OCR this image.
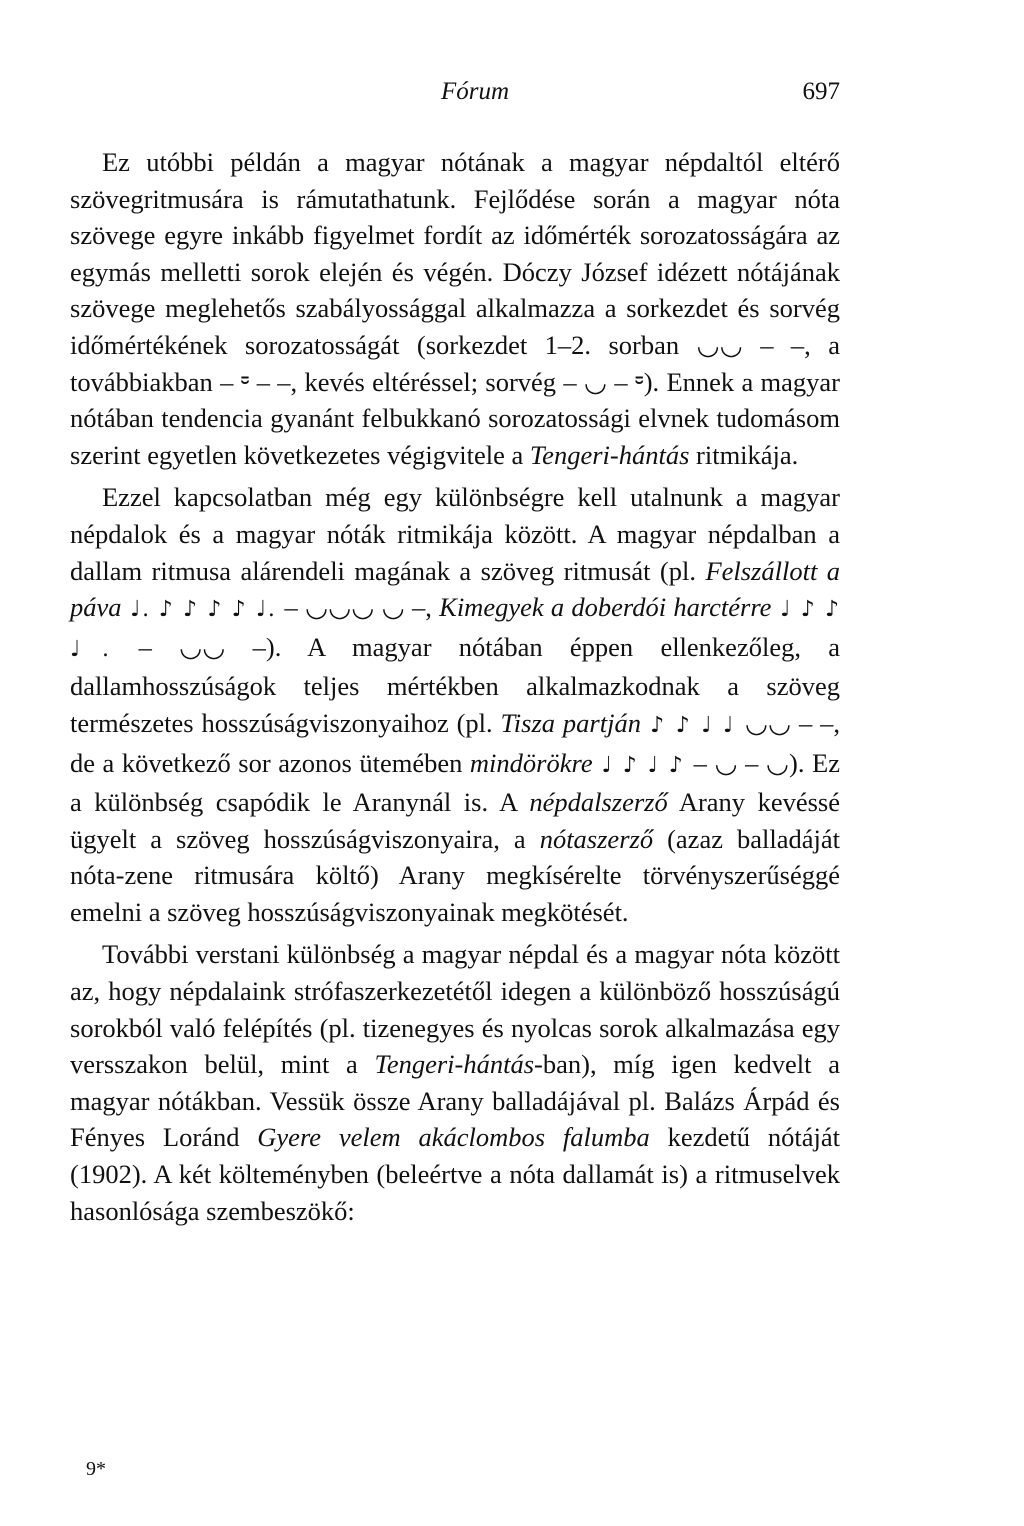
Fórum	697

Ez utóbbi példán a magyar nótának a magyar népdaltól eltérő szövegritmusára is rámutathatunk. Fejlődése során a magyar nóta szövege egyre inkább figyelmet fordít az időmérték sorozatosságára az egymás melletti sorok elején és végén. Dóczy József idézett nótájának szövege meglehetős szabályossággal alkalmazza a sorkezdet és sorvég időmértékének sorozatosságát (sorkezdet 1–2. sorban ◡◡ – –, a továbbiakban – ⏒ – –, kevés eltéréssel; sorvég – ◡ – ⏒). Ennek a magyar nótában tendencia gyanánt felbukkanó sorozatossági elvnek tudomásom szerint egyetlen következetes végigvitele a Tengeri-hántás ritmikája.

Ezzel kapcsolatban még egy különbségre kell utalnunk a magyar népdalok és a magyar nóták ritmikája között. A magyar népdalban a dallam ritmusa alárendeli magának a szöveg ritmusát (pl. Felszállott a páva ♩. ♪ ♪ ♪ ♪ ♩. – ◡◡◡ ◡ –, Kimegyek a doberdói harctérre ♩ ♪ ♪ ♩. – ◡◡ –). A magyar nótában éppen ellenkezőleg, a dallamhosszúságok teljes mértékben alkalmazkodnak a szöveg természetes hosszúságviszonyaihoz (pl. Tisza partján ♪ ♪ ♩ ♩ ◡◡ – –, de a következő sor azonos ütemében mindörökre ♩ ♪ ♩ ♪ – ◡ – ◡). Ez a különbség csapódik le Aranynál is. A népdalszerző Arany kevéssé ügyelt a szöveg hosszúságviszonyaira, a nótaszerző (azaz balladáját nóta-zene ritmusára költő) Arany megkísérelte törvényszerűséggé emelni a szöveg hosszúságviszonyainak megkötését.

További verstani különbség a magyar népdal és a magyar nóta között az, hogy népdalaink strófaszerkezetétől idegen a különböző hosszúságú sorokból való felépítés (pl. tizenegyes és nyolcas sorok alkalmazása egy versszakon belül, mint a Tengeri-hántás-ban), míg igen kedvelt a magyar nótákban. Vessük össze Arany balladájával pl. Balázs Árpád és Fényes Loránd Gyere velem akáclombos falumba kezdetű nótáját (1902). A két költeményben (beleértve a nóta dallamát is) a ritmuselvek hasonlósága szembeszökő:

9*
